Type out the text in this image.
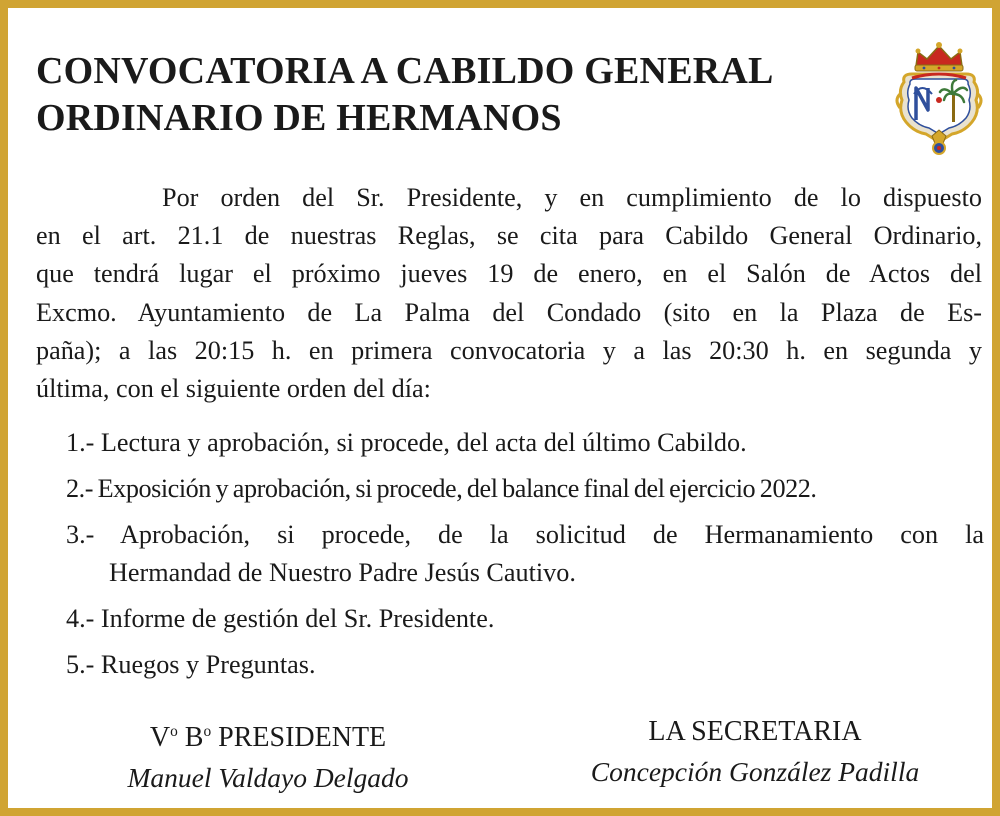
CONVOCATORIA A CABILDO GENERAL
ORDINARIO DE HERMANOS
Por orden del Sr. Presidente, y en cumplimiento de lo dispuesto
en el art. 21.1 de nuestras Reglas, se cita para Cabildo General Ordinario,
que tendrá lugar el próximo jueves 19 de enero, en el Salón de Actos del
Excmo. Ayuntamiento de La Palma del Condado (sito en la Plaza de Es-
paña); a las 20:15 h. en primera convocatoria y a las 20:30 h. en segunda y
última, con el siguiente orden del día:
1.- Lectura y aprobación, si procede, del acta del último Cabildo.
2.- Exposición y aprobación, si procede, del balance final del ejercicio 2022.
3.- Aprobación, si procede, de la solicitud de Hermanamiento con la
Hermandad de Nuestro Padre Jesús Cautivo.
4.- Informe de gestión del Sr. Presidente.
5.- Ruegos y Preguntas.
$V^o$ $B^o$ PRESIDENTE
Manuel Valdayo Delgado
LA SECRETARIA
Concepción González Padilla
